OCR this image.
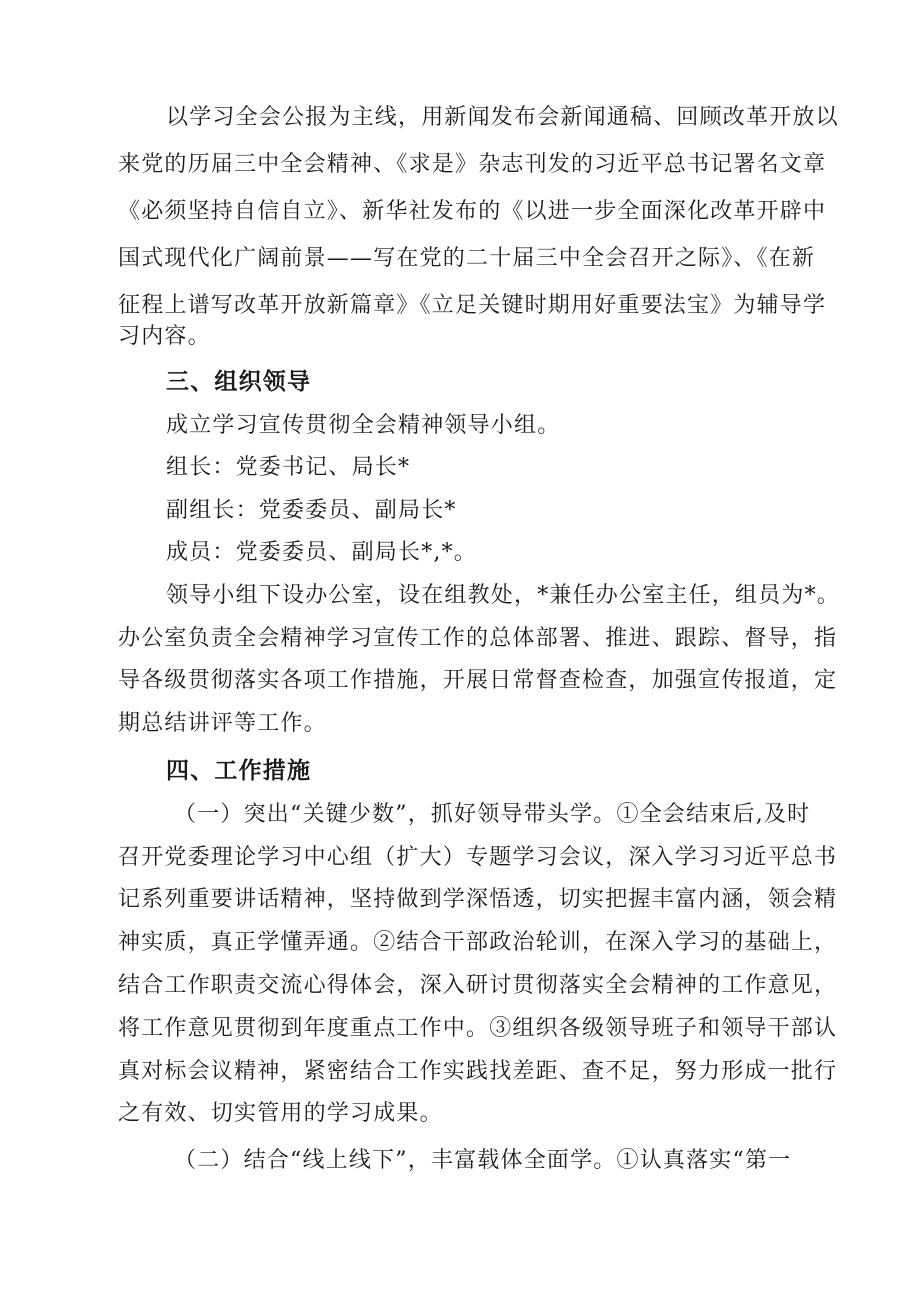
以学习全会公报为主线，用新闻发布会新闻通稿、回顾改革开放以
来党的历届三中全会精神、《求是》杂志刊发的习近平总书记署名文章
《必须坚持自信自立》、新华社发布的《以进一步全面深化改革开辟中
国式现代化广阔前景——写在党的二十届三中全会召开之际》、《在新
征程上谱写改革开放新篇章》《立足关键时期用好重要法宝》为辅导学
习内容。
三、组织领导
成立学习宣传贯彻全会精神领导小组。
组长：党委书记、局长*
副组长：党委委员、副局长*
成员：党委委员、副局长*,*。
领导小组下设办公室，设在组教处，*兼任办公室主任，组员为*。
办公室负责全会精神学习宣传工作的总体部署、推进、跟踪、督导，指
导各级贯彻落实各项工作措施，开展日常督查检查，加强宣传报道，定
期总结讲评等工作。
四、工作措施
（一）突出“关键少数”，抓好领导带头学。①全会结束后,及时
召开党委理论学习中心组（扩大）专题学习会议，深入学习习近平总书
记系列重要讲话精神，坚持做到学深悟透，切实把握丰富内涵，领会精
神实质，真正学懂弄通。②结合干部政治轮训，在深入学习的基础上，
结合工作职责交流心得体会，深入研讨贯彻落实全会精神的工作意见，
将工作意见贯彻到年度重点工作中。③组织各级领导班子和领导干部认
真对标会议精神，紧密结合工作实践找差距、查不足，努力形成一批行
之有效、切实管用的学习成果。
（二）结合“线上线下”，丰富载体全面学。①认真落实“第一
